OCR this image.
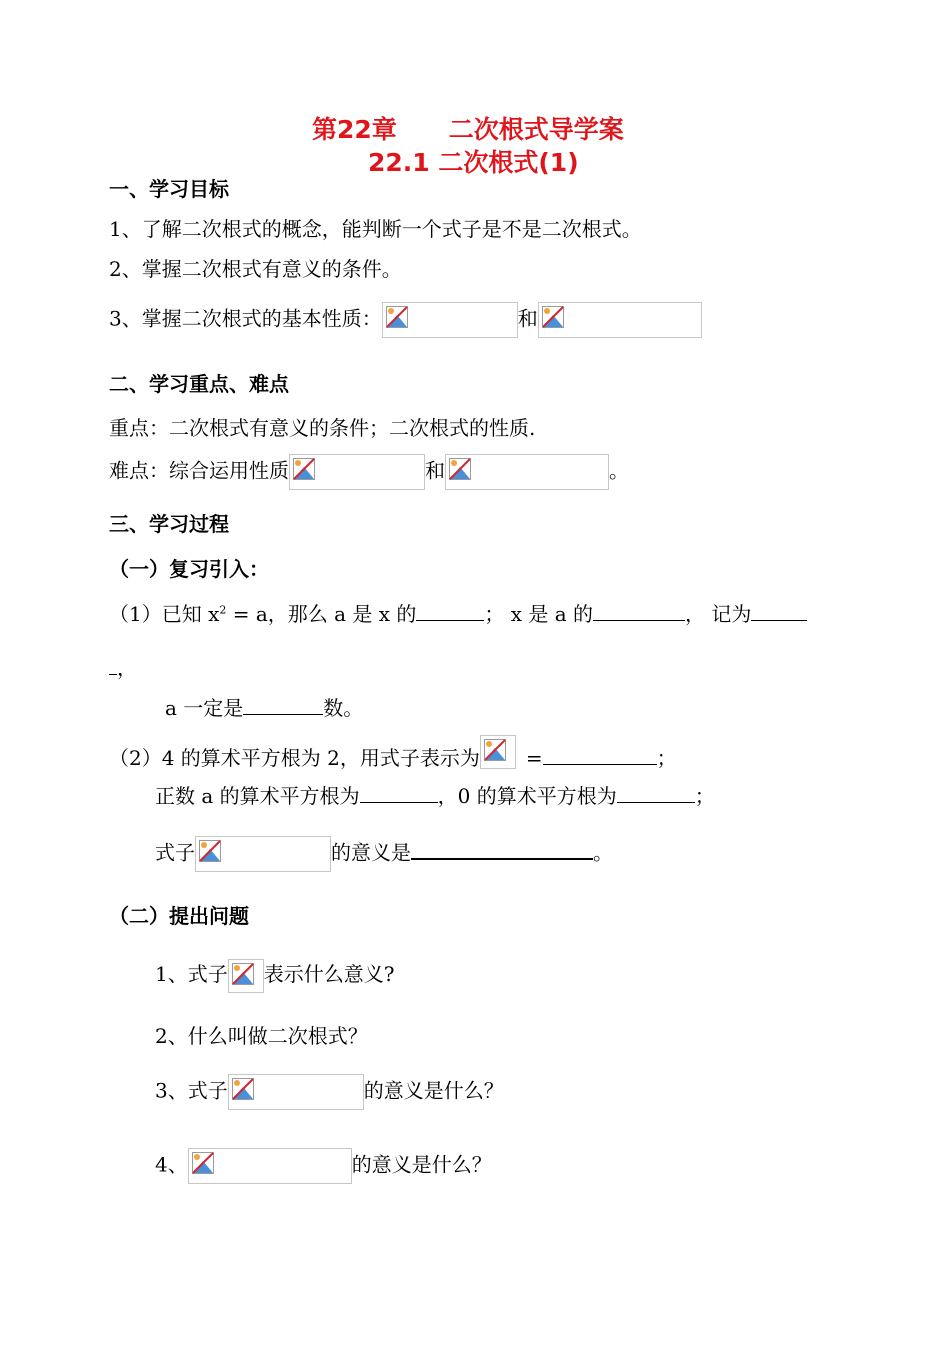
第22章 二次根式导学案
22.1 二次根式(1)
一、学习目标
1、了解二次根式的概念，能判断一个式子是不是二次根式。
2、掌握二次根式有意义的条件。
3、掌握二次根式的基本性质：	和
二、学习重点、难点
重点：二次根式有意义的条件；二次根式的性质.
难点：综合运用性质	和	。
三、学习过程
（一）复习引入：
（1）已知 $x^2 = a$，那么 a 是 x 的	； x 是 a 的	， 记为
，
a 一定是	数。
（2）4 的算术平方根为 2，用式子表示为 =	；
正数 a 的算术平方根为	，0 的算术平方根为	；
式子	的意义是	。
（二）提出问题
1、式子 表示什么意义?
2、什么叫做二次根式？
3、式子	的意义是什么？
4、	的意义是什么？
